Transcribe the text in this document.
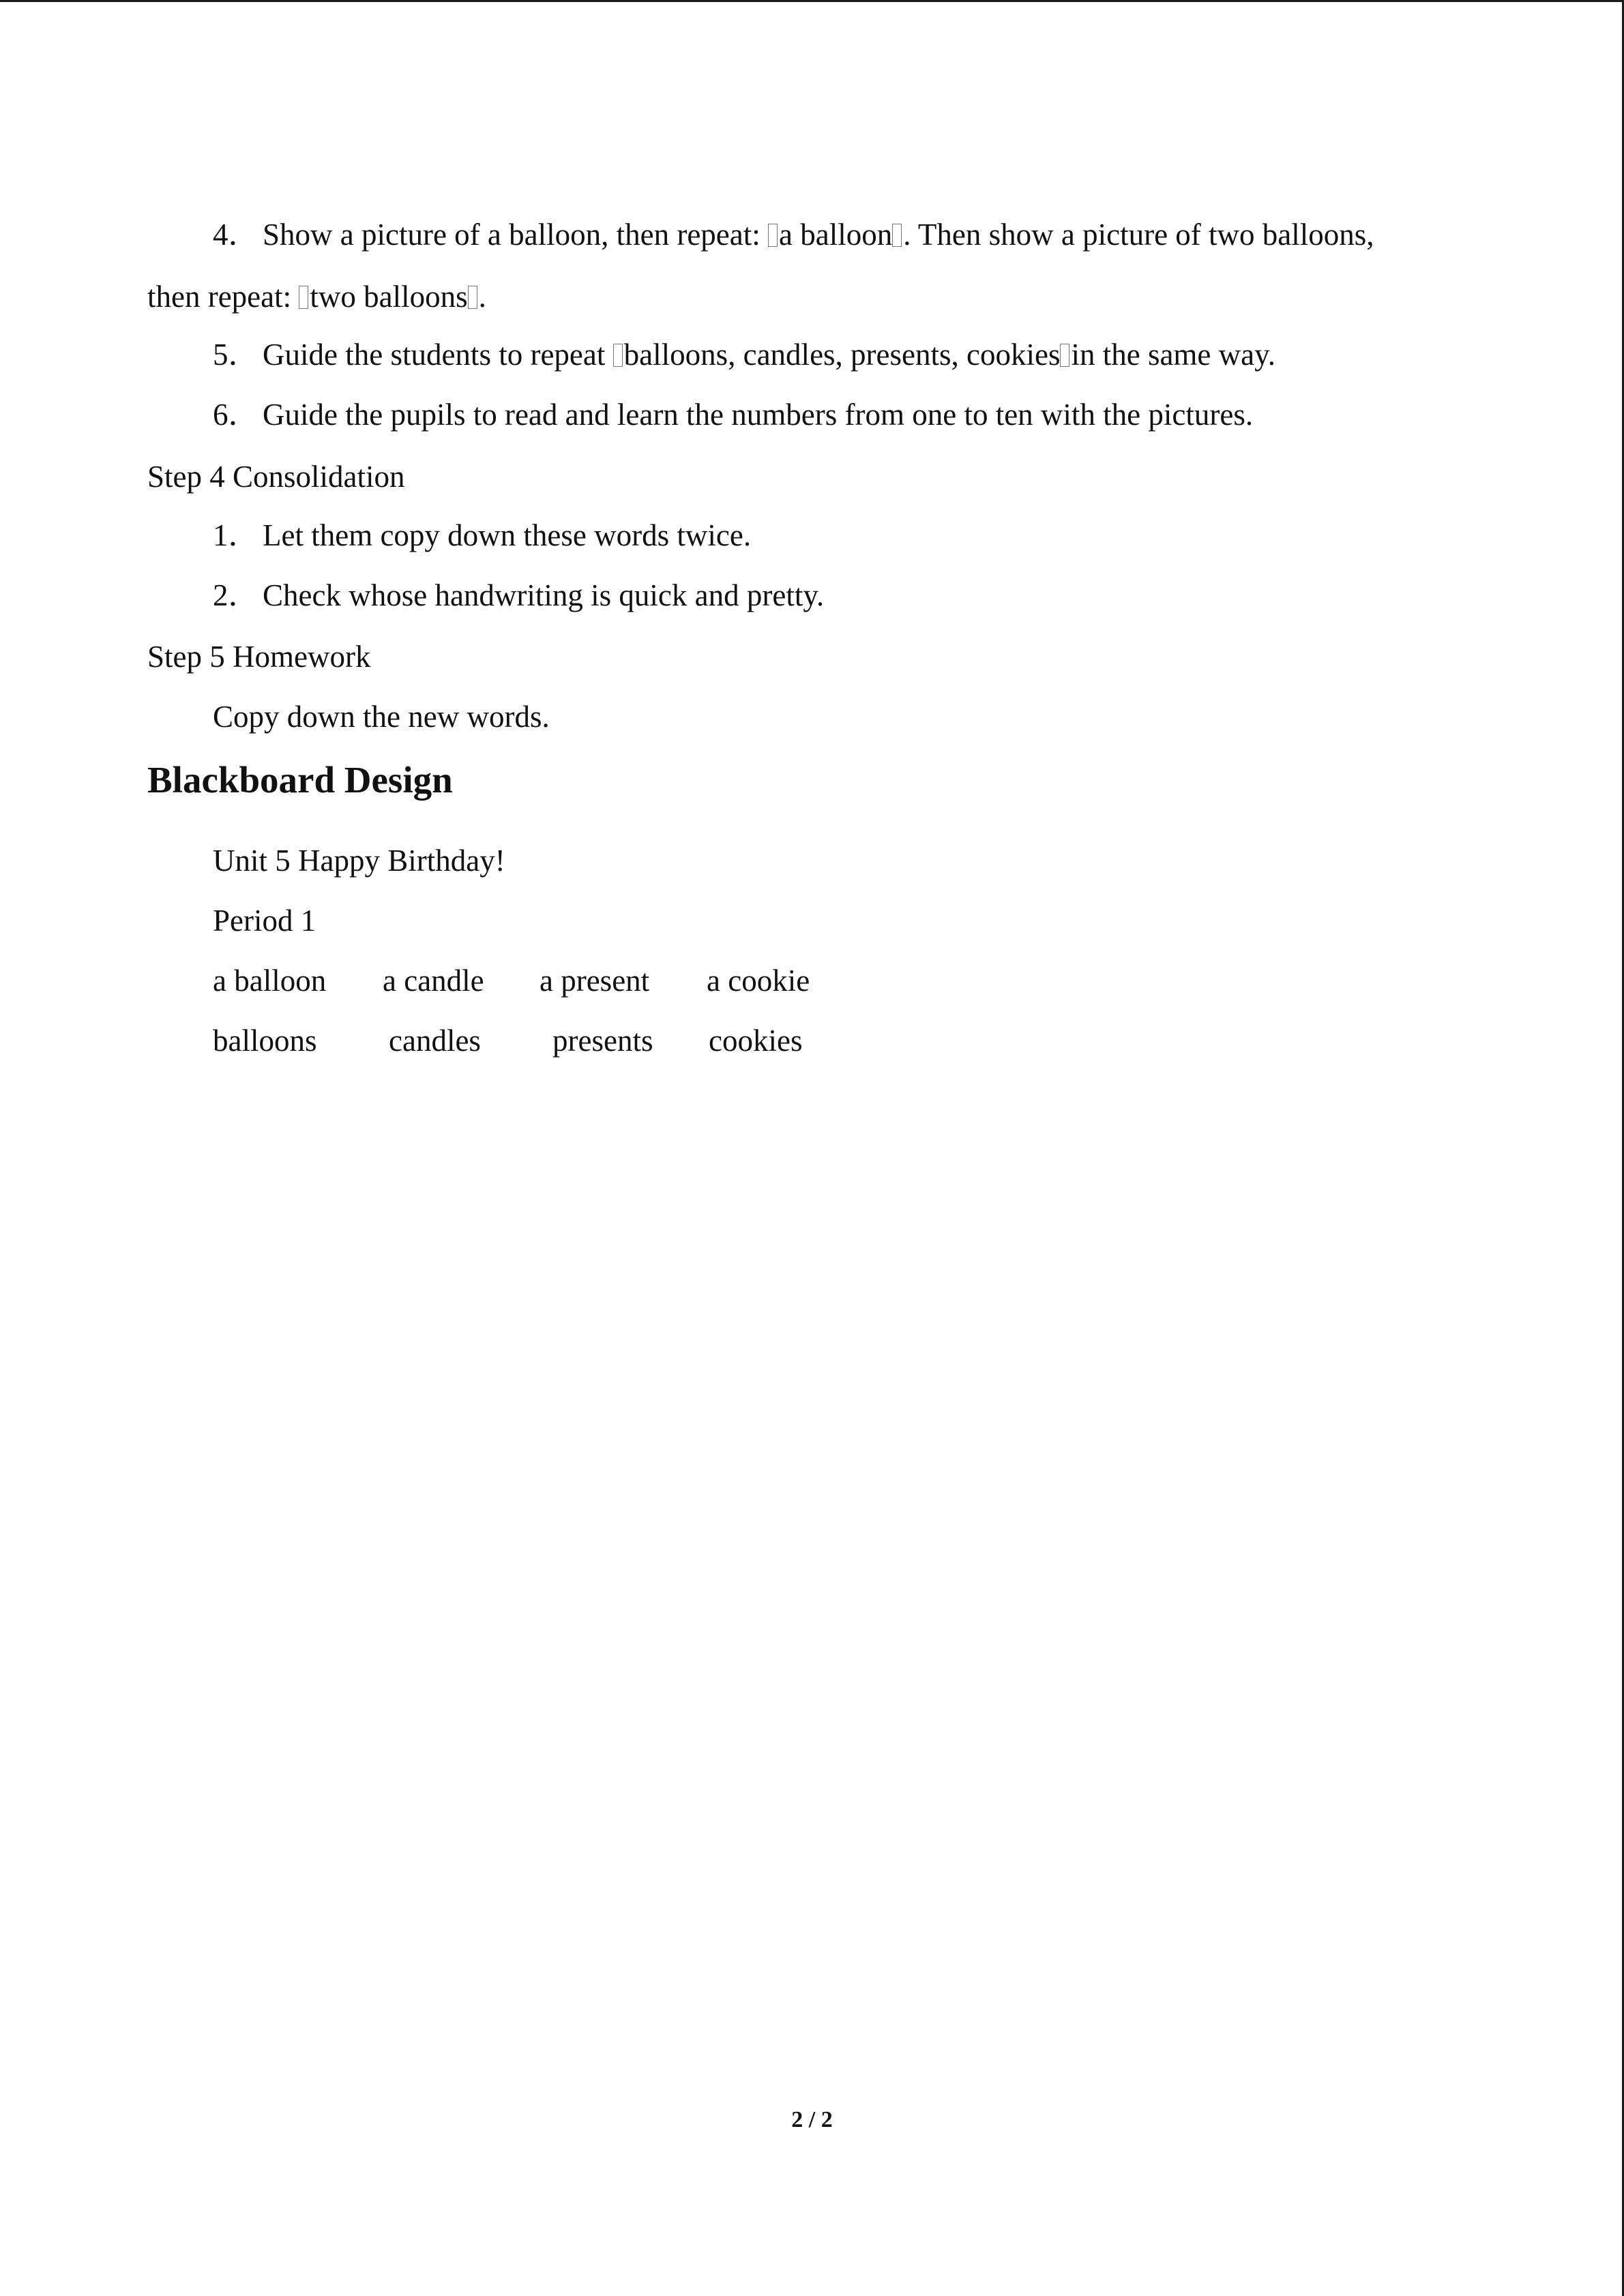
4． Show a picture of a balloon, then repeat: a balloon . Then show a picture of two balloons,
then repeat: two balloons .
5． Guide the students to repeat balloons, candles, presents, cookies in the same way.
6． Guide the pupils to read and learn the numbers from one to ten with the pictures.
Step 4 Consolidation
1． Let them copy down these words twice.
2． Check whose handwriting is quick and pretty.
Step 5 Homework
Copy down the new words.
Blackboard Design
Unit 5 Happy Birthday!
Period 1
a balloon a candle a present a cookie
balloons candles presents cookies
2 / 2
